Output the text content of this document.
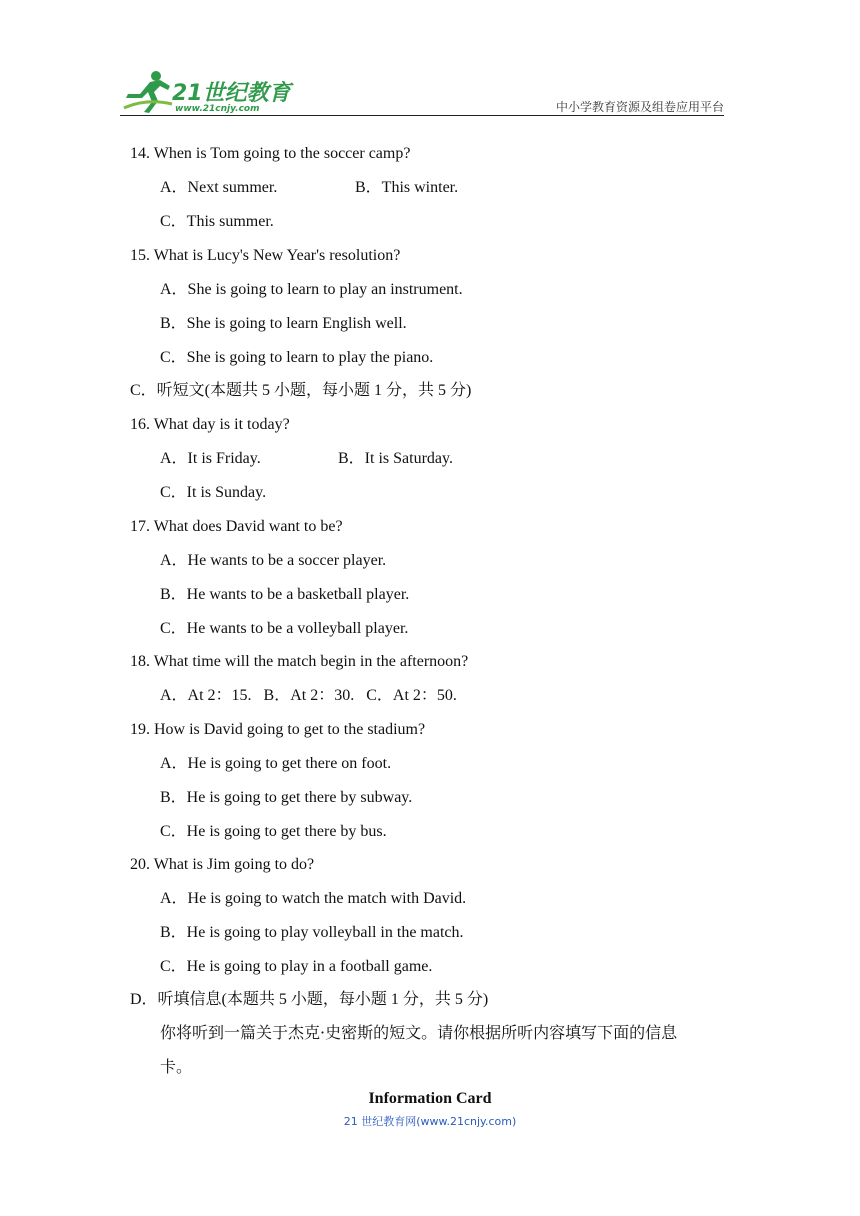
21世纪教育
www.21cnjy.com	中小学教育资源及组卷应用平台
14. When is Tom going to the soccer camp?
A．Next summer.	B．This winter.
C．This summer.
15. What is Lucy's New Year's resolution?
A．She is going to learn to play an instrument.
B．She is going to learn English well.
C．She is going to learn to play the piano.
C．听短文(本题共 5 小题，每小题 1 分，共 5 分)
16. What day is it today?
A．It is Friday.	B．It is Saturday.
C．It is Sunday.
17. What does David want to be?
A．He wants to be a soccer player.
B．He wants to be a basketball player.
C．He wants to be a volleyball player.
18. What time will the match begin in the afternoon?
A．At 2：15.   B．At 2：30.   C．At 2：50.
19. How is David going to get to the stadium?
A．He is going to get there on foot.
B．He is going to get there by subway.
C．He is going to get there by bus.
20. What is Jim going to do?
A．He is going to watch the match with David.
B．He is going to play volleyball in the match.
C．He is going to play in a football game.
D．听填信息(本题共 5 小题，每小题 1 分，共 5 分)
你将听到一篇关于杰克·史密斯的短文。请你根据所听内容填写下面的信息
卡。
Information Card
21 世纪教育网(www.21cnjy.com)
